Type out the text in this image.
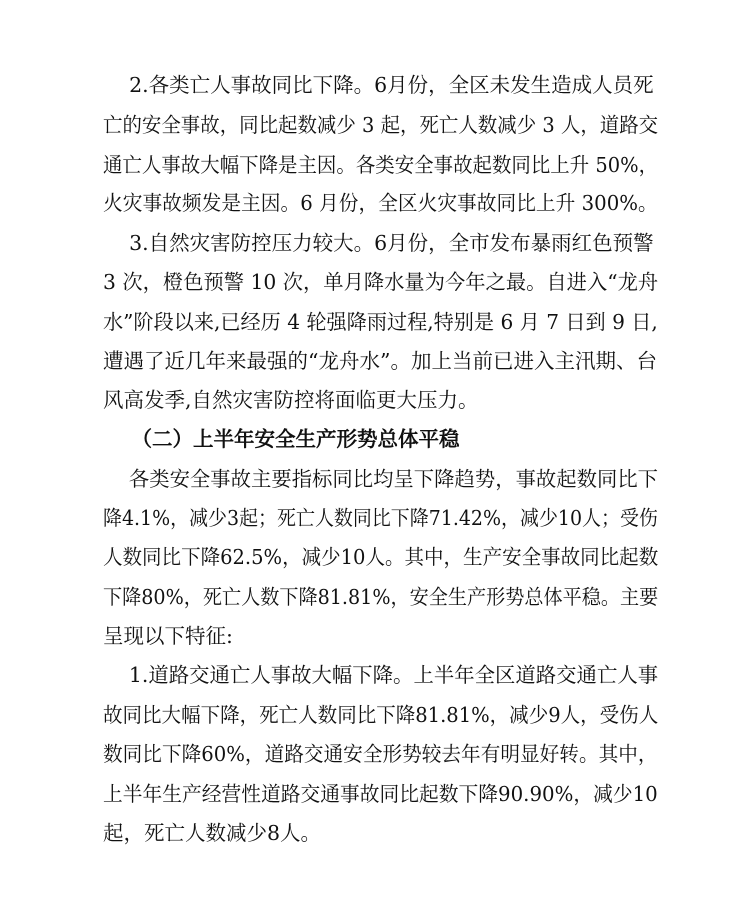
2.各类亡人事故同比下降。6月份，全区未发生造成人员死
亡的安全事故，同比起数减少 3 起，死亡人数减少 3 人，道路交
通亡人事故大幅下降是主因。各类安全事故起数同比上升 50%，
火灾事故频发是主因。6 月份，全区火灾事故同比上升 300%。
3.自然灾害防控压力较大。6月份，全市发布暴雨红色预警
3 次，橙色预警 10 次，单月降水量为今年之最。自进入“龙舟
水”阶段以来,已经历 4 轮强降雨过程,特别是 6 月 7 日到 9 日,
遭遇了近几年来最强的“龙舟水”。加上当前已进入主汛期、台
风高发季,自然灾害防控将面临更大压力。
（二）上半年安全生产形势总体平稳
各类安全事故主要指标同比均呈下降趋势，事故起数同比下
降4.1%，减少3起；死亡人数同比下降71.42%，减少10人；受伤
人数同比下降62.5%，减少10人。其中，生产安全事故同比起数
下降80%，死亡人数下降81.81%，安全生产形势总体平稳。主要
呈现以下特征:
1.道路交通亡人事故大幅下降。上半年全区道路交通亡人事
故同比大幅下降，死亡人数同比下降81.81%，减少9人，受伤人
数同比下降60%，道路交通安全形势较去年有明显好转。其中，
上半年生产经营性道路交通事故同比起数下降90.90%，减少10
起，死亡人数减少8人。
